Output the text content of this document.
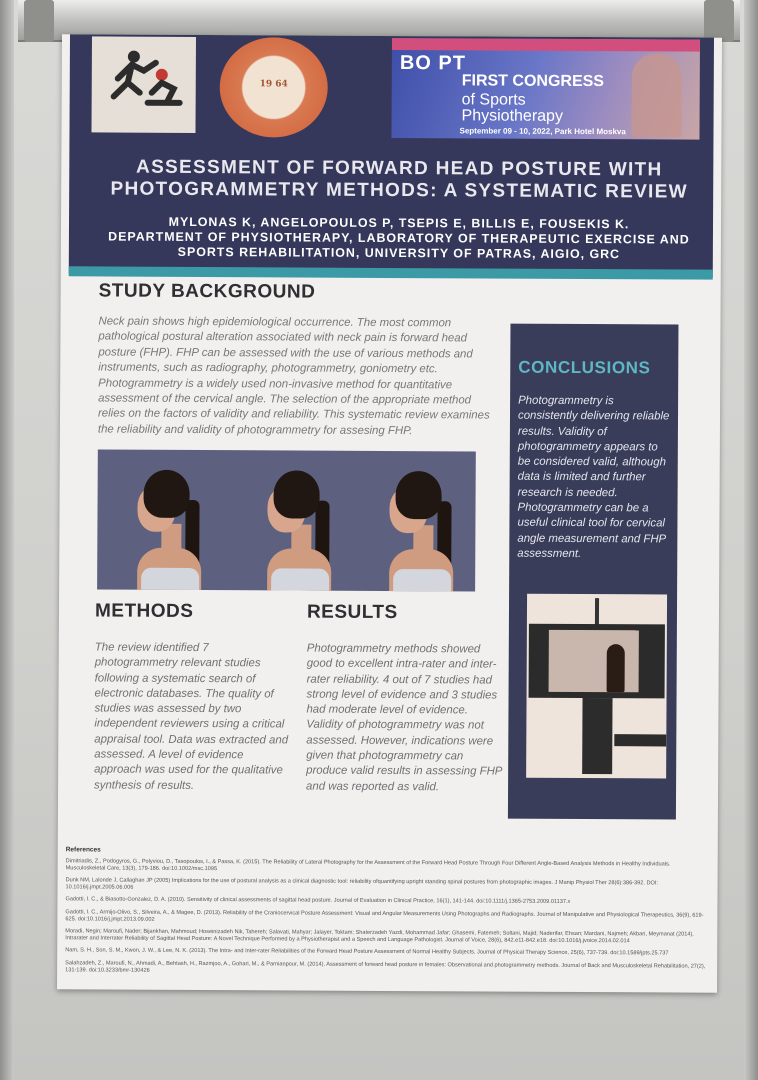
19 64
BO PT
FIRST CONGRESS
of Sports
Physiotherapy
September 09 - 10, 2022, Park Hotel Moskva
ASSESSMENT OF FORWARD HEAD POSTURE WITH
PHOTOGRAMMETRY METHODS: A SYSTEMATIC REVIEW
MYLONAS K, ANGELOPOULOS P, TSEPIS E, BILLIS E, FOUSEKIS K.
DEPARTMENT OF PHYSIOTHERAPY, LABORATORY OF THERAPEUTIC EXERCISE AND
SPORTS REHABILITATION, UNIVERSITY OF PATRAS, AIGIO, GRC
STUDY BACKGROUND
Neck pain shows high epidemiological occurrence. The most common pathological postural alteration associated with neck pain is forward head posture (FHP). FHP can be assessed with the use of various methods and instruments, such as radiography, photogrammetry, goniometry etc. Photogrammetry is a widely used non-invasive method for quantitative assessment of the cervical angle. The selection of the appropriate method relies on the factors of validity and reliability. This systematic review examines the reliability and validity of photogrammetry for assesing FHP.
METHODS	RESULTS
The review identified 7 photogrammetry relevant studies following a systematic search of electronic databases. The quality of studies was assessed by two independent reviewers using a critical appraisal tool. Data was extracted and assessed. A level of evidence approach was used for the qualitative synthesis of results.
Photogrammetry methods showed good to excellent intra-rater and inter-rater reliability. 4 out of 7 studies had strong level of evidence and 3 studies had moderate level of evidence. Validity of photogrammetry was not assessed. However, indications were given that photogrammetry can produce valid results in assessing FHP and was reported as valid.
CONCLUSIONS
Photogrammetry is consistently delivering reliable results. Validity of photogrammetry appears to be considered valid, although data is limited and further research is needed. Photogrammetry can be a useful clinical tool for cervical angle measurement and FHP assessment.
References
Dimitriadis, Z., Podogyros, G., Polyviou, D., Tasopoulos, I., & Passa, K. (2015). The Reliability of Lateral Photography for the Assessment of the Forward Head Posture Through Four Different Angle-Based Analysis Methods in Healthy Individuals. Musculoskeletal Care, 13(3), 179-186. doi:10.1002/msc.1095
Dunk NM, Lalonde J, Callaghan JP (2005) Implications for the use of postural analysis as a clinical diagnostic tool: reliability ofquantifying upright standing spinal postures from photographic images. J Manip Physiol Ther 28(6):386-392. DOI: 10.1016/j.jmpt.2005.06.006
Gadotti, I. C., & Biasotto-Gonzalez, D. A. (2010). Sensitivity of clinical assessments of sagittal head posture. Journal of Evaluation in Clinical Practice, 16(1), 141-144. doi:10.1111/j.1365-2753.2009.01137.x
Gadotti, I. C., Armijo-Olivo, S., Silveira, A., & Magee, D. (2013). Reliability of the Craniocervical Posture Assessment: Visual and Angular Measurements Using Photographs and Radiographs. Journal of Manipulative and Physiological Therapeutics, 36(9), 619-625. doi:10.1016/j.jmpt.2013.09.002
Moradi, Negin; Maroufi, Nader; Bijankhan, Mahmoud; Hoseinizadeh Nik, Tahereh; Salavati, Mahyar; Jalayer, Toktam; Shaterzadeh Yazdi, Mohammad Jafar; Ghasemi, Fatemeh; Soltani, Majid; Naderifar, Ehsan; Mardani, Najmeh; Akbari, Meymanat (2014). Intrarater and Interrater Reliability of Sagittal Head Posture: A Novel Technique Performed by a Physiotherapist and a Speech and Language Pathologist. Journal of Voice, 28(6), 842.e11-842.e18. doi:10.1016/j.jvoice.2014.02.014
Nam, S. H., Son, S. M., Kwon, J. W., & Lee, N. K. (2013). The Intra- and Inter-rater Reliabilities of the Forward Head Posture Assessment of Normal Healthy Subjects. Journal of Physical Therapy Science, 25(6), 737-739. doi:10.1589/jpts.25.737
Salahzadeh, Z., Maroufi, N., Ahmadi, A., Behtash, H., Razmjoo, A., Gohari, M., & Parnianpour, M. (2014). Assessment of forward head posture in females: Observational and photogrammetry methods. Journal of Back and Musculoskeletal Rehabilitation, 27(2), 131-139. doi:10.3233/bmr-130426
